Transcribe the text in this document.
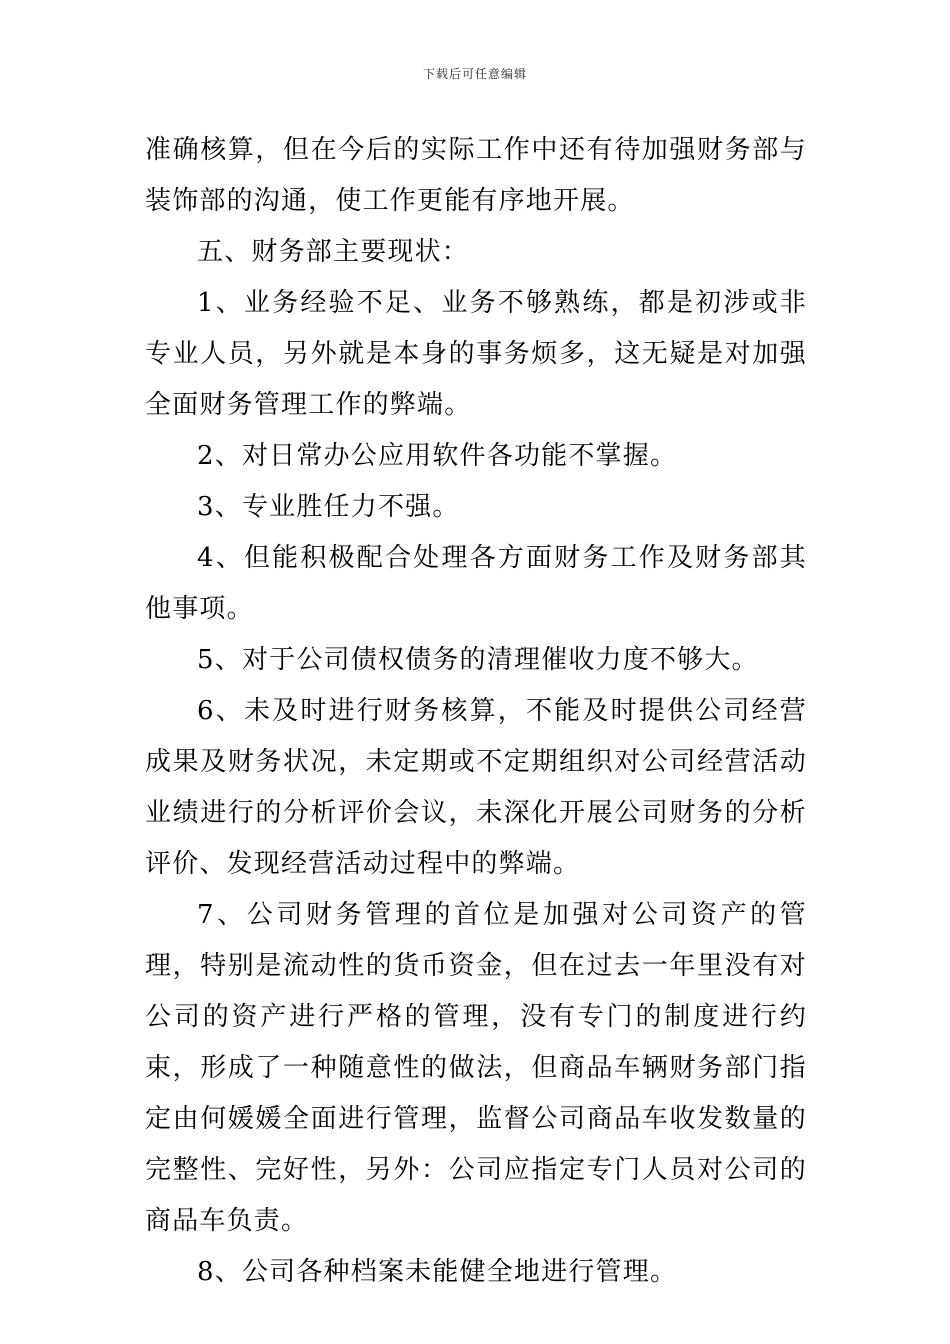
下载后可任意编辑

准确核算，但在今后的实际工作中还有待加强财务部与装饰部的沟通，使工作更能有序地开展。

五、财务部主要现状：

1、业务经验不足、业务不够熟练，都是初涉或非专业人员，另外就是本身的事务烦多，这无疑是对加强全面财务管理工作的弊端。

2、对日常办公应用软件各功能不掌握。

3、专业胜任力不强。

4、但能积极配合处理各方面财务工作及财务部其他事项。

5、对于公司债权债务的清理催收力度不够大。

6、未及时进行财务核算，不能及时提供公司经营成果及财务状况，未定期或不定期组织对公司经营活动业绩进行的分析评价会议，未深化开展公司财务的分析评价、发现经营活动过程中的弊端。

7、公司财务管理的首位是加强对公司资产的管理，特别是流动性的货币资金，但在过去一年里没有对公司的资产进行严格的管理，没有专门的制度进行约束，形成了一种随意性的做法，但商品车辆财务部门指定由何媛媛全面进行管理，监督公司商品车收发数量的完整性、完好性，另外：公司应指定专门人员对公司的商品车负责。

8、公司各种档案未能健全地进行管理。
